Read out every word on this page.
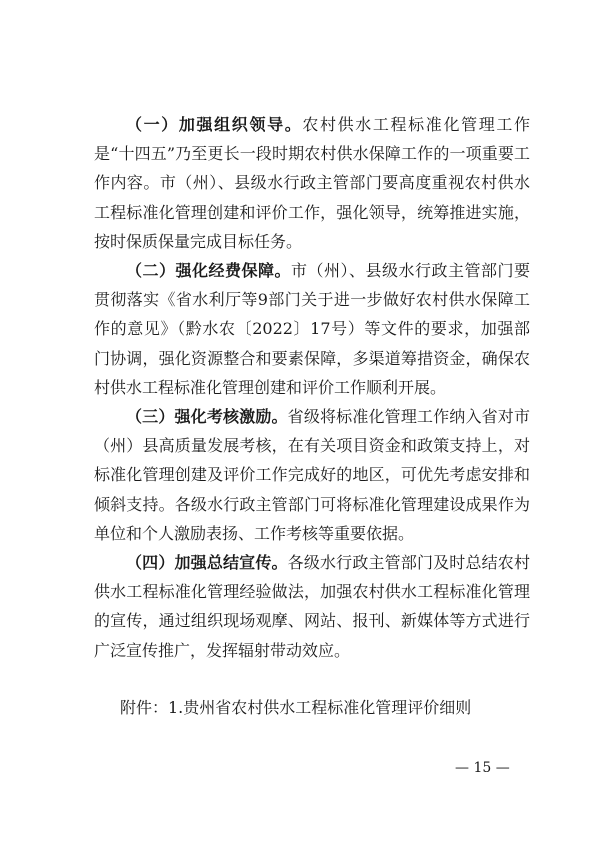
（一）加强组织领导。农村供水工程标准化管理工作是“十四五”乃至更长一段时期农村供水保障工作的一项重要工作内容。市（州）、县级水行政主管部门要高度重视农村供水工程标准化管理创建和评价工作，强化领导，统筹推进实施，按时保质保量完成目标任务。

（二）强化经费保障。市（州）、县级水行政主管部门要贯彻落实《省水利厅等9部门关于进一步做好农村供水保障工作的意见》（黔水农〔2022〕17号）等文件的要求，加强部门协调，强化资源整合和要素保障，多渠道筹措资金，确保农村供水工程标准化管理创建和评价工作顺利开展。

（三）强化考核激励。省级将标准化管理工作纳入省对市（州）县高质量发展考核，在有关项目资金和政策支持上，对标准化管理创建及评价工作完成好的地区，可优先考虑安排和倾斜支持。各级水行政主管部门可将标准化管理建设成果作为单位和个人激励表扬、工作考核等重要依据。

（四）加强总结宣传。各级水行政主管部门及时总结农村供水工程标准化管理经验做法，加强农村供水工程标准化管理的宣传，通过组织现场观摩、网站、报刊、新媒体等方式进行广泛宣传推广，发挥辐射带动效应。

附件：1.贵州省农村供水工程标准化管理评价细则
— 15 —
